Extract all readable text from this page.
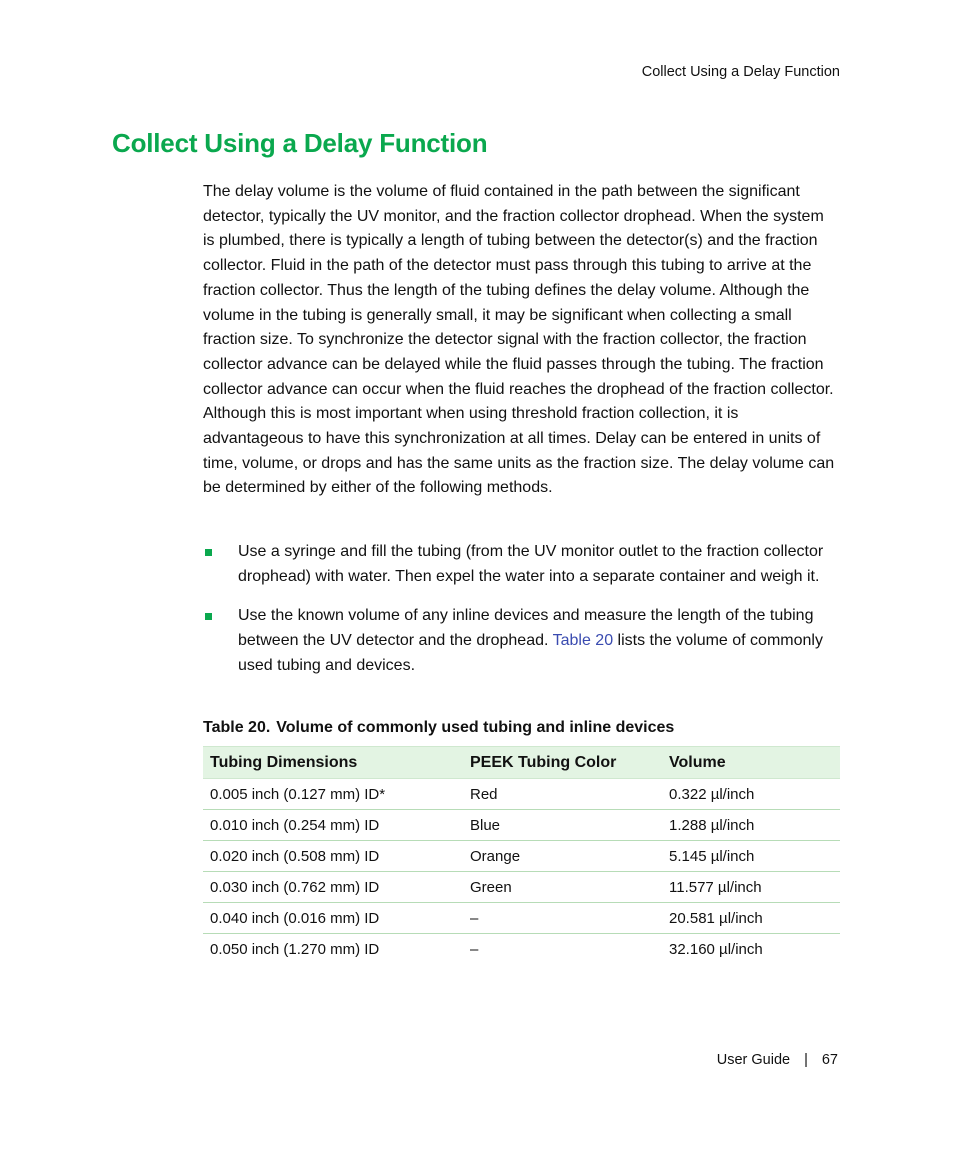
Collect Using a Delay Function
Collect Using a Delay Function

The delay volume is the volume of fluid contained in the path between the significant detector, typically the UV monitor, and the fraction collector drophead. When the system is plumbed, there is typically a length of tubing between the detector(s) and the fraction collector. Fluid in the path of the detector must pass through this tubing to arrive at the fraction collector. Thus the length of the tubing defines the delay volume. Although the volume in the tubing is generally small, it may be significant when collecting a small fraction size. To synchronize the detector signal with the fraction collector, the fraction collector advance can be delayed while the fluid passes through the tubing. The fraction collector advance can occur when the fluid reaches the drophead of the fraction collector. Although this is most important when using threshold fraction collection, it is advantageous to have this synchronization at all times. Delay can be entered in units of time, volume, or drops and has the same units as the fraction size. The delay volume can be determined by either of the following methods.

Use a syringe and fill the tubing (from the UV monitor outlet to the fraction collector drophead) with water. Then expel the water into a separate container and weigh it.
Use the known volume of any inline devices and measure the length of the tubing between the UV detector and the drophead. Table 20 lists the volume of commonly used tubing and devices.

Table 20. Volume of commonly used tubing and inline devices

Tubing Dimensions	PEEK Tubing Color	Volume
0.005 inch (0.127 mm) ID*	Red	0.322 µl/inch
0.010 inch (0.254 mm) ID	Blue	1.288 µl/inch
0.020 inch (0.508 mm) ID	Orange	5.145 µl/inch
0.030 inch (0.762 mm) ID	Green	11.577 µl/inch
0.040 inch (0.016 mm) ID	–	20.581 µl/inch
0.050 inch (1.270 mm) ID	–	32.160 µl/inch
User Guide | 67
